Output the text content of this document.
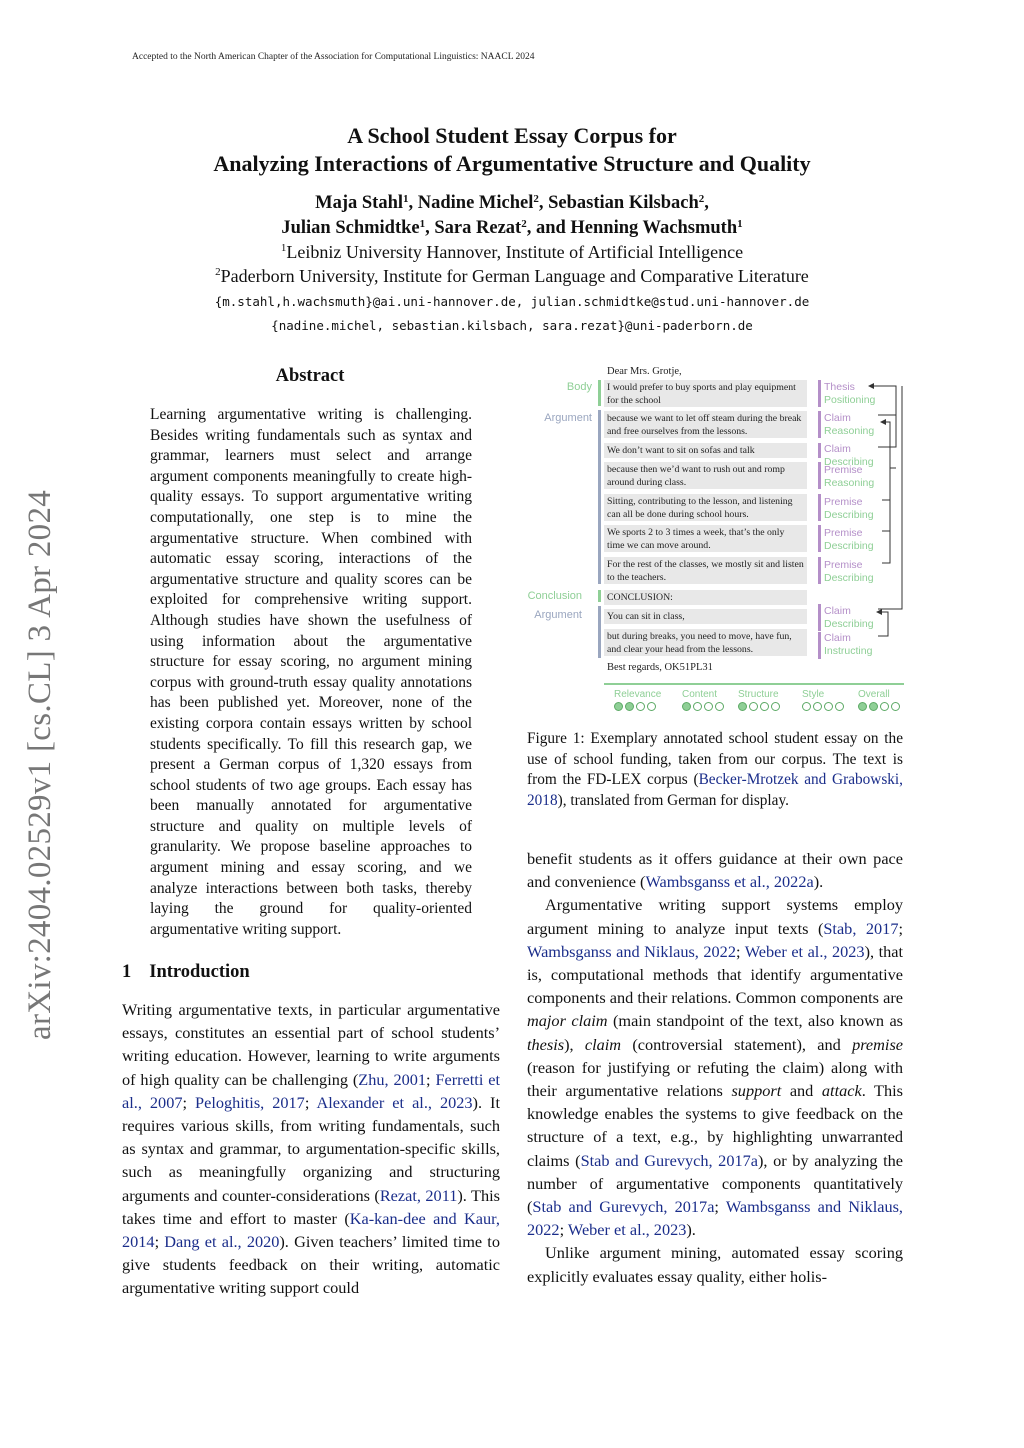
Accepted to the North American Chapter of the Association for Computational Linguistics: NAACL 2024
A School Student Essay Corpus for
Analyzing Interactions of Argumentative Structure and Quality
Maja Stahl$^1$, Nadine Michel$^2$, Sebastian Kilsbach$^2$,
Julian Schmidtke$^1$, Sara Rezat$^2$, and Henning Wachsmuth$^1$
$^1$Leibniz University Hannover, Institute of Artificial Intelligence
$^2$Paderborn University, Institute for German Language and Comparative Literature
{m.stahl,h.wachsmuth}@ai.uni-hannover.de, julian.schmidtke@stud.uni-hannover.de
{nadine.michel, sebastian.kilsbach, sara.rezat}@uni-paderborn.de
arXiv:2404.02529v1 [cs.CL] 3 Apr 2024
Abstract
Learning argumentative writing is challenging. Besides writing fundamentals such as syntax and grammar, learners must select and arrange argument components meaningfully to create high-quality essays. To support argumentative writing computationally, one step is to mine the argumentative structure. When combined with automatic essay scoring, interactions of the argumentative structure and quality scores can be exploited for comprehensive writing support. Although studies have shown the usefulness of using information about the argumentative structure for essay scoring, no argument mining corpus with ground-truth essay quality annotations has been published yet. Moreover, none of the existing corpora contain essays written by school students specifically. To fill this research gap, we present a German corpus of 1,320 essays from school students of two age groups. Each essay has been manually annotated for argumentative structure and quality on multiple levels of granularity. We propose baseline approaches to argument mining and essay scoring, and we analyze interactions between both tasks, thereby laying the ground for quality-oriented argumentative writing support.
1 Introduction
Writing argumentative texts, in particular argumentative essays, constitutes an essential part of school students’ writing education. However, learning to write arguments of high quality can be challenging (Zhu, 2001; Ferretti et al., 2007; Peloghitis, 2017; Alexander et al., 2023). It requires various skills, from writing fundamentals, such as syntax and grammar, to argumentation-specific skills, such as meaningfully organizing and structuring arguments and counter-considerations (Rezat, 2011). This takes time and effort to master (Ka-kan-dee and Kaur, 2014; Dang et al., 2020). Given teachers’ limited time to give students feedback on their writing, automatic argumentative writing support could
Dear Mrs. Grotje,
Body
Argument
Conclusion
Argument
I would prefer to buy sports and play equipment for the school
because we want to let off steam during the break and free ourselves from the lessons.
We don’t want to sit on sofas and talk
because then we’d want to rush out and romp around during class.
Sitting, contributing to the lesson, and listening can all be done during school hours.
We sports 2 to 3 times a week, that’s the only time we can move around.
For the rest of the classes, we mostly sit and listen to the teachers.
CONCLUSION:
You can sit in class,
but during breaks, you need to move, have fun, and clear your head from the lessons.
Best regards, OK51PL31
Thesis
Positioning
Claim
Reasoning
Claim
Describing
Premise
Reasoning
Premise
Describing
Premise
Describing
Premise
Describing
Claim
Describing
Claim
Instructing
Relevance Content Structure Style	Overall
Figure 1: Exemplary annotated school student essay on the use of school funding, taken from our corpus. The text is from the FD-LEX corpus (Becker-Mrotzek and Grabowski, 2018), translated from German for display.

benefit students as it offers guidance at their own pace and convenience (Wambsganss et al., 2022a).

Argumentative writing support systems employ argument mining to analyze input texts (Stab, 2017; Wambsganss and Niklaus, 2022; Weber et al., 2023), that is, computational methods that identify argumentative components and their relations. Common components are major claim (main standpoint of the text, also known as thesis), claim (controversial statement), and premise (reason for justifying or refuting the claim) along with their argumentative relations support and attack. This knowledge enables the systems to give feedback on the structure of a text, e.g., by highlighting unwarranted claims (Stab and Gurevych, 2017a), or by analyzing the number of argumentative components quantitatively (Stab and Gurevych, 2017a; Wambsganss and Niklaus, 2022; Weber et al., 2023).

Unlike argument mining, automated essay scoring explicitly evaluates essay quality, either holis-
